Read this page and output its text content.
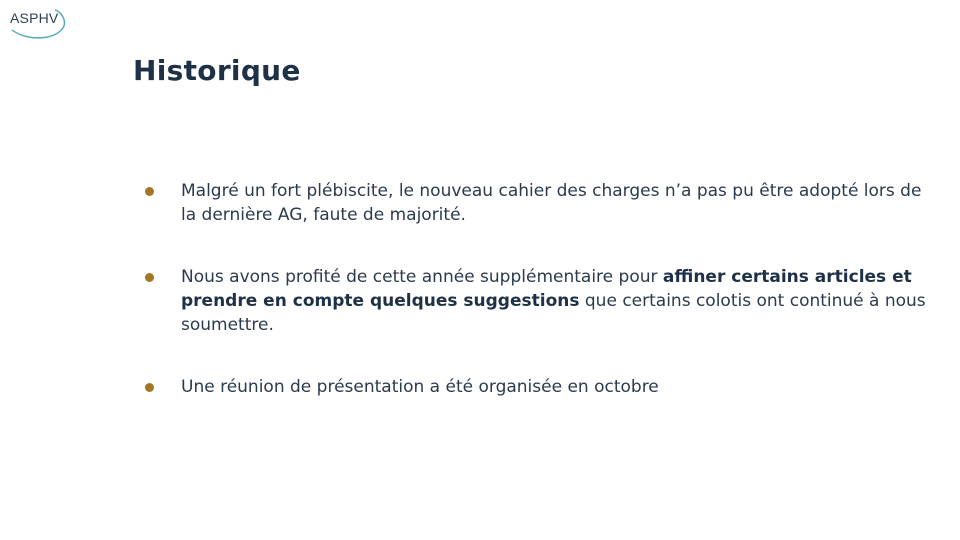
ASPHV
Historique
Malgré un fort plébiscite, le nouveau cahier des charges n’a pas pu être adopté lors de la dernière AG, faute de majorité.
Nous avons profité de cette année supplémentaire pour affiner certains articles et prendre en compte quelques suggestions que certains colotis ont continué à nous soumettre.
Une réunion de présentation a été organisée en octobre
